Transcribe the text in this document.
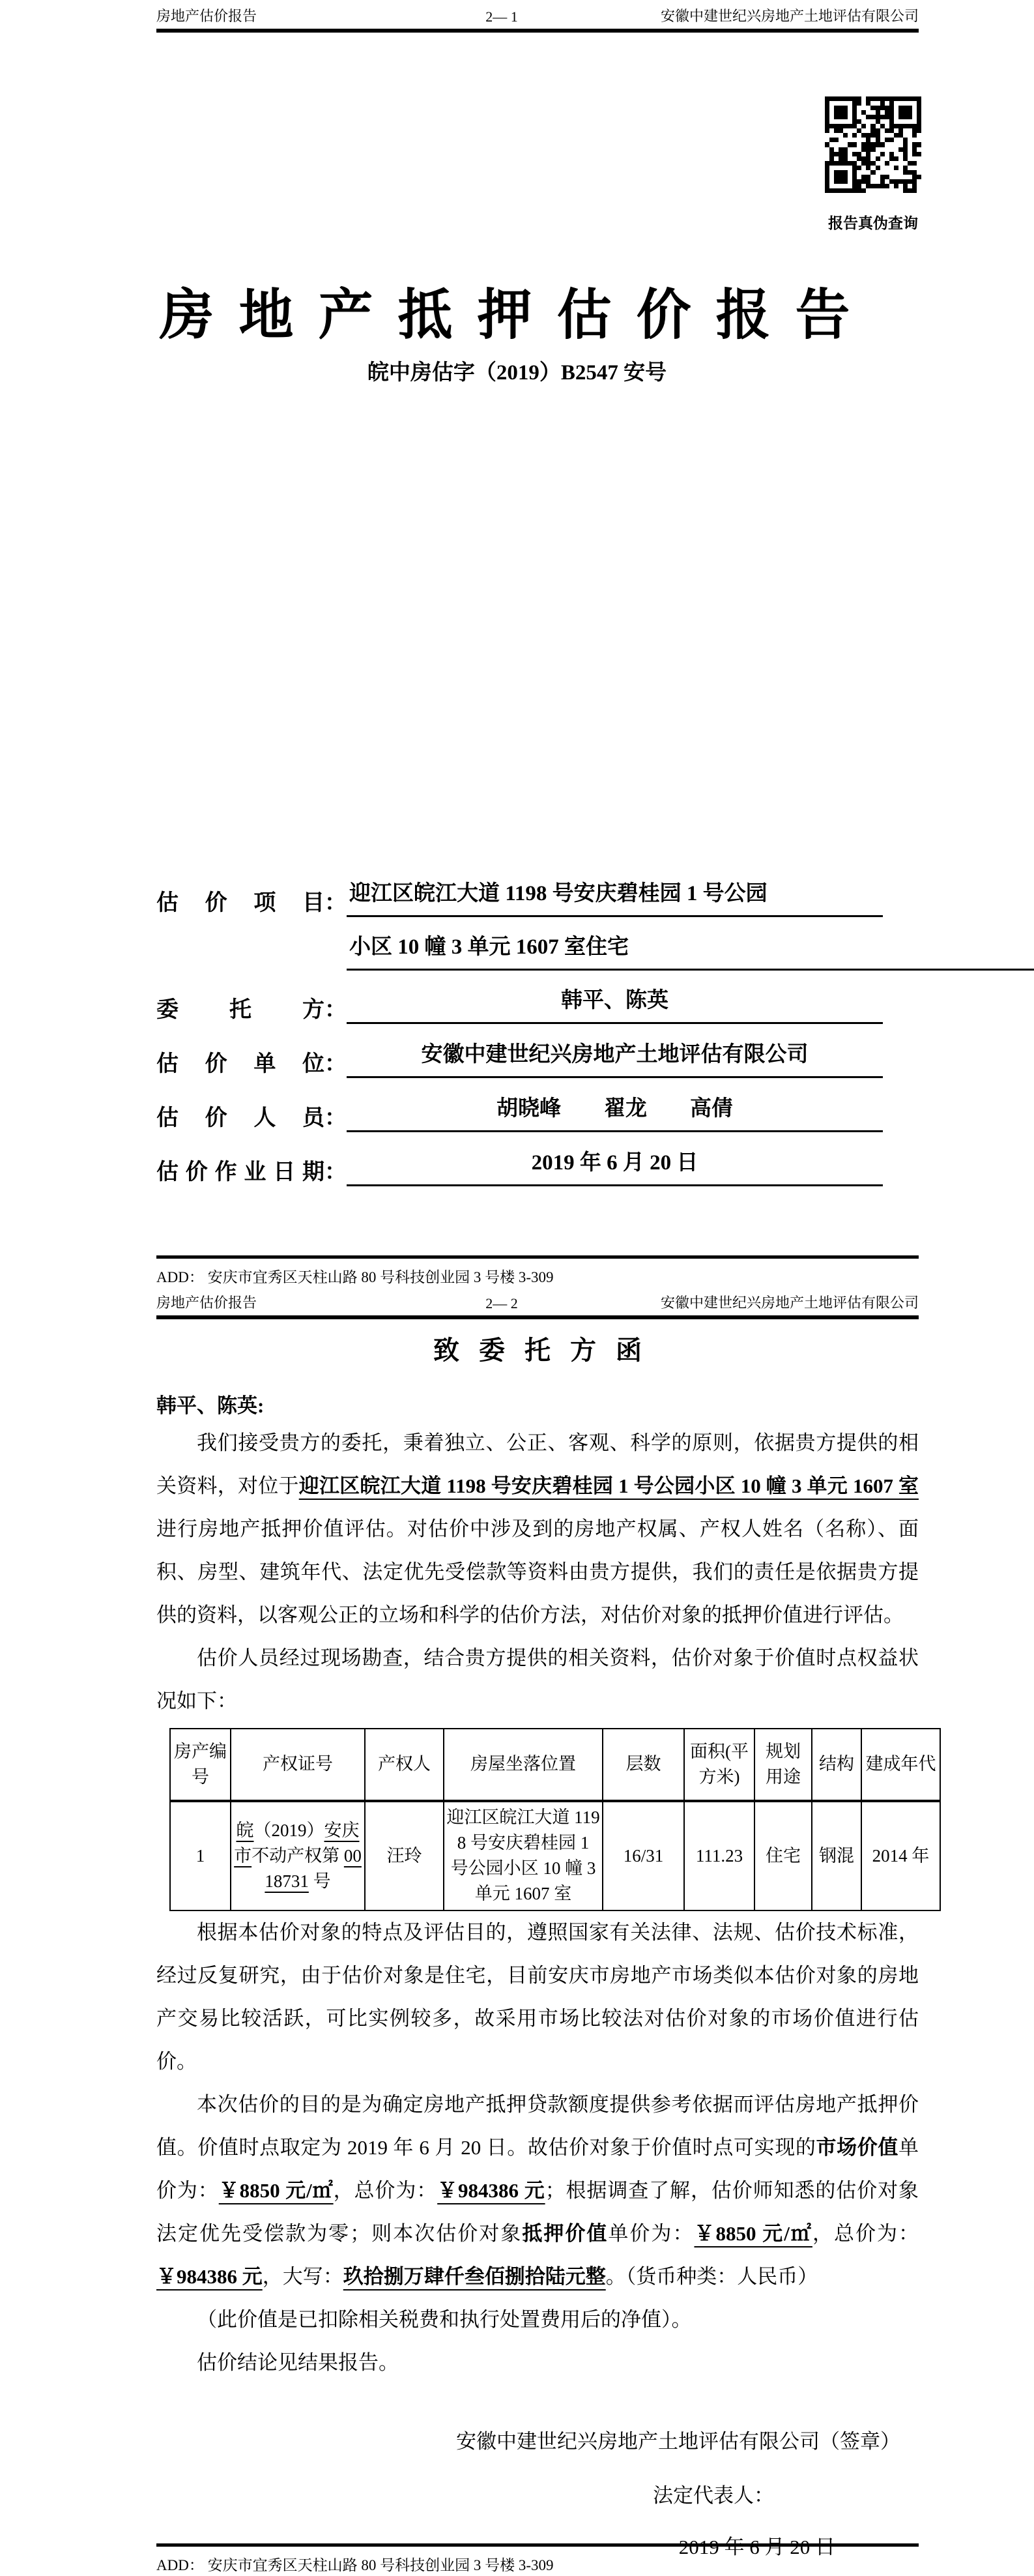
房地产估价报告	2— 1	安徽中建世纪兴房地产土地评估有限公司
报告真伪查询
房地产抵押估价报告
皖中房估字（2019）B2547 安号
估价项目 ： 迎江区皖江大道 1198 号安庆碧桂园 1 号公园
小区 10 幢 3 单元 1607 室住宅
委托方 ：	韩平、陈英
估价单位 ：	安徽中建世纪兴房地产土地评估有限公司
估价人员 ：	胡晓峰　　翟龙　　高倩
估价作业日期 ：	2019 年 6 月 20 日
ADD： 安庆市宜秀区天柱山路 80 号科技创业园 3 号楼 3-309
房地产估价报告	2— 2	安徽中建世纪兴房地产土地评估有限公司
致委托方函

韩平、陈英:

我们接受贵方的委托，秉着独立、公正、客观、科学的原则，依据贵方提供的相关资料，对位于迎江区皖江大道 1198 号安庆碧桂园 1 号公园小区 10 幢 3 单元 1607 室进行房地产抵押价值评估。对估价中涉及到的房地产权属、产权人姓名（名称）、面积、房型、建筑年代、法定优先受偿款等资料由贵方提供，我们的责任是依据贵方提供的资料，以客观公正的立场和科学的估价方法，对估价对象的抵押价值进行评估。

估价人员经过现场勘查，结合贵方提供的相关资料，估价对象于价值时点权益状况如下：

房产编号	产权证号	产权人	房屋坐落位置	层数	面积(平方米)	规划用途	结构	建成年代
1	皖（2019）安庆市不动产权第 0018731 号	汪玲	迎江区皖江大道 1198 号安庆碧桂园 1 号公园小区 10 幢 3 单元 1607 室	16/31	111.23	住宅	钢混	2014 年

根据本估价对象的特点及评估目的，遵照国家有关法律、法规、估价技术标准，经过反复研究，由于估价对象是住宅，目前安庆市房地产市场类似本估价对象的房地产交易比较活跃，可比实例较多，故采用市场比较法对估价对象的市场价值进行估价。

本次估价的目的是为确定房地产抵押贷款额度提供参考依据而评估房地产抵押价值。价值时点取定为 2019 年 6 月 20 日。故估价对象于价值时点可实现的市场价值单价为：￥8850 元/㎡，总价为：￥984386 元；根据调查了解，估价师知悉的估价对象法定优先受偿款为零；则本次估价对象抵押价值单价为：￥8850 元/㎡，总价为：￥984386 元，大写：玖拾捌万肆仟叁佰捌拾陆元整。（货币种类：人民币）

（此价值是已扣除相关税费和执行处置费用后的净值）。

估价结论见结果报告。

安徽中建世纪兴房地产土地评估有限公司（签章）
法定代表人：
2019 年 6 月 20 日
ADD： 安庆市宜秀区天柱山路 80 号科技创业园 3 号楼 3-309
